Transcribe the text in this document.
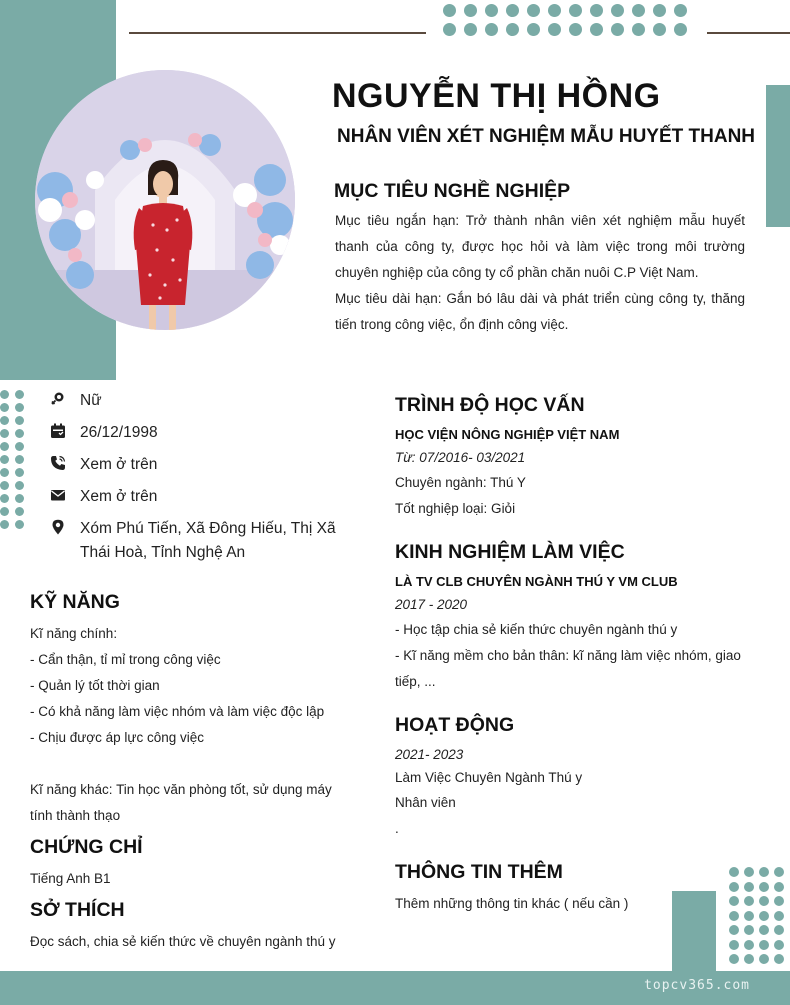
NGUYỄN THỊ HỒNG
NHÂN VIÊN XÉT NGHIỆM MẪU HUYẾT THANH
MỤC TIÊU NGHỀ NGHIỆP
Mục tiêu ngắn hạn: Trở thành nhân viên xét nghiệm mẫu huyết thanh của công ty, được học hỏi và làm việc trong môi trường chuyên nghiệp của công ty cổ phần chăn nuôi C.P Việt Nam.
Mục tiêu dài hạn: Gắn bó lâu dài và phát triển cùng công ty, thăng tiến trong công việc, ổn định công việc.
Nữ
26/12/1998
Xem ở trên
Xem ở trên
Xóm Phú Tiến, Xã Đông Hiếu, Thị Xã Thái Hoà, Tỉnh Nghệ An
KỸ NĂNG
Kĩ năng chính:
- Cẩn thận, tỉ mỉ trong công việc
- Quản lý tốt thời gian
- Có khả năng làm việc nhóm và làm việc độc lập
- Chịu được áp lực công việc
Kĩ năng khác: Tin học văn phòng tốt, sử dụng máy tính thành thạo
CHỨNG CHỈ
Tiếng Anh B1
SỞ THÍCH
Đọc sách, chia sẻ kiến thức về chuyên ngành thú y
TRÌNH ĐỘ HỌC VẤN
HỌC VIỆN NÔNG NGHIỆP VIỆT NAM
Từ: 07/2016- 03/2021
Chuyên ngành: Thú Y
Tốt nghiệp loại: Giỏi
KINH NGHIỆM LÀM VIỆC
LÀ TV CLB CHUYÊN NGÀNH THÚ Y VM CLUB
2017 - 2020
- Học tập chia sẻ kiến thức chuyên ngành thú y
- Kĩ năng mềm cho bản thân: kĩ năng làm việc nhóm, giao tiếp, ...
HOẠT ĐỘNG
2021- 2023
Làm Việc Chuyên Ngành Thú y
Nhân viên
.
THÔNG TIN THÊM
Thêm những thông tin khác ( nếu cần )
topcv365.com
